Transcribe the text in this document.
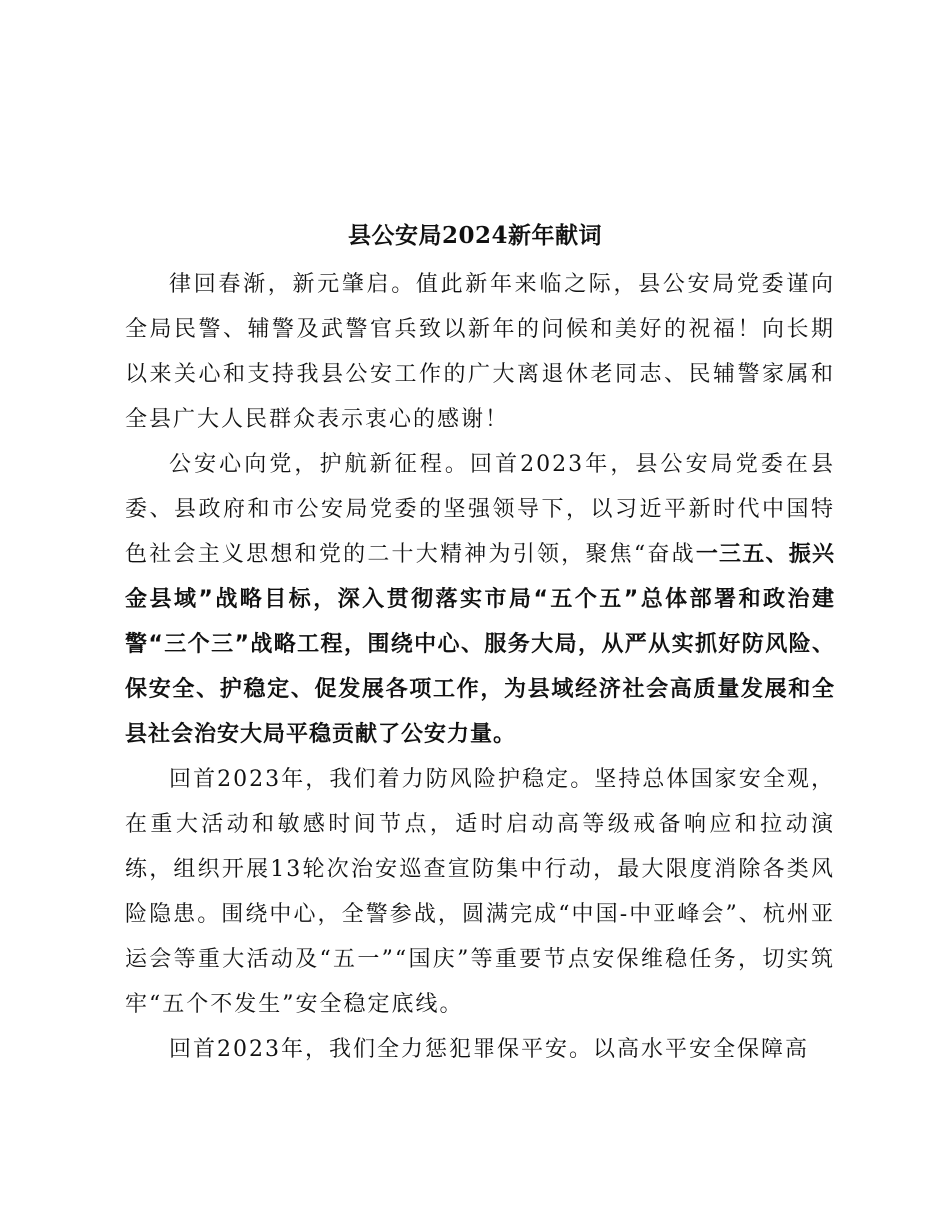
县公安局2024新年献词

律回春渐，新元肇启。值此新年来临之际，县公安局党委谨向全局民警、辅警及武警官兵致以新年的问候和美好的祝福！向长期以来关心和支持我县公安工作的广大离退休老同志、民辅警家属和全县广大人民群众表示衷心的感谢！

公安心向党，护航新征程。回首2023年，县公安局党委在县委、县政府和市公安局党委的坚强领导下，以习近平新时代中国特色社会主义思想和党的二十大精神为引领，聚焦“奋战一三五、振兴金县域”战略目标，深入贯彻落实市局“五个五”总体部署和政治建警“三个三”战略工程，围绕中心、服务大局，从严从实抓好防风险、保安全、护稳定、促发展各项工作，为县域经济社会高质量发展和全县社会治安大局平稳贡献了公安力量。

回首2023年，我们着力防风险护稳定。坚持总体国家安全观，在重大活动和敏感时间节点，适时启动高等级戒备响应和拉动演练，组织开展13轮次治安巡查宣防集中行动，最大限度消除各类风险隐患。围绕中心，全警参战，圆满完成“中国-中亚峰会”、杭州亚运会等重大活动及“五一”“国庆”等重要节点安保维稳任务，切实筑牢“五个不发生”安全稳定底线。

回首2023年，我们全力惩犯罪保平安。以高水平安全保障高
